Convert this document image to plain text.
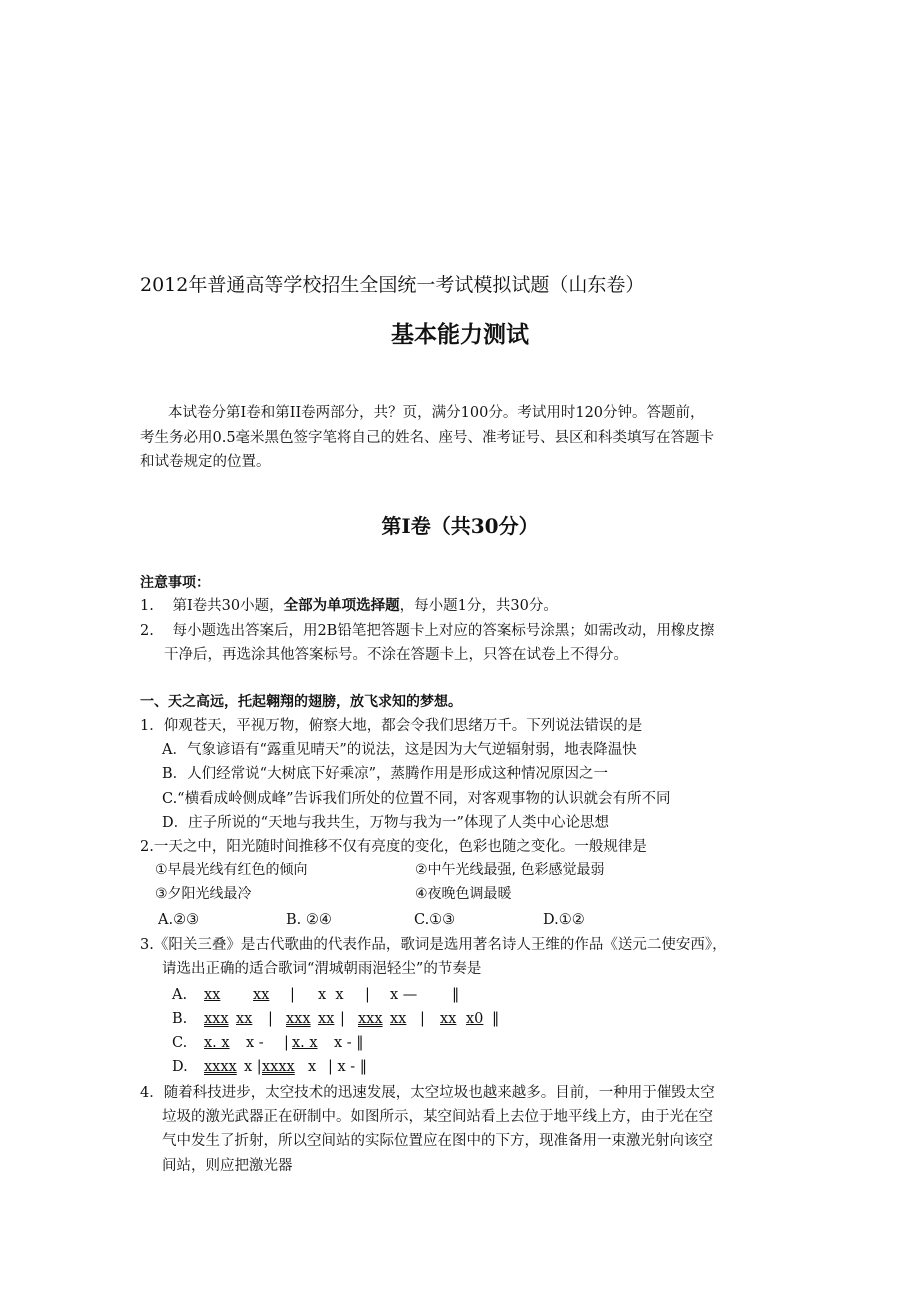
2012年普通高等学校招生全国统一考试模拟试题（山东卷）
基本能力测试
本试卷分第Ⅰ卷和第II卷两部分，共？页，满分100分。考试用时120分钟。答题前，
考生务必用0.5毫米黑色签字笔将自己的姓名、座号、准考证号、县区和科类填写在答题卡
和试卷规定的位置。
第Ⅰ卷（共30分）
注意事项：
1. 第Ⅰ卷共30小题，全部为单项选择题，每小题1分，共30分。
2. 每小题选出答案后，用2B铅笔把答题卡上对应的答案标号涂黑；如需改动，用橡皮擦
干净后，再选涂其他答案标号。不涂在答题卡上，只答在试卷上不得分。
一、天之高远，托起翱翔的翅膀，放飞求知的梦想。
1．仰观苍天，平视万物，俯察大地，都会令我们思绪万千。下列说法错误的是
A．气象谚语有“露重见晴天”的说法，这是因为大气逆辐射弱，地表降温快
B．人们经常说“大树底下好乘凉”，蒸腾作用是形成这种情况原因之一
C.“横看成岭侧成峰”告诉我们所处的位置不同，对客观事物的认识就会有所不同
D．庄子所说的“天地与我共生，万物与我为一”体现了人类中心论思想
2.一天之中，阳光随时间推移不仅有亮度的变化，色彩也随之变化。一般规律是
①早晨光线有红色的倾向	②中午光线最强, 色彩感觉最弱
③夕阳光线最冷	④夜晚色调最暖
A.②③	B. ②④	C.①③	D.①②
3.《阳关三叠》是古代歌曲的代表作品，歌词是选用著名诗人王维的作品《送元二使安西》，
请选出正确的适合歌词“渭城朝雨浥轻尘”的节奏是
A. xx xx | x  x | x — ‖
B. xxx xx | xxx xx | xxx xx | xx x0 ‖
C. x. x x - | x. x x - ‖
D. xxxx x | xxxx x | x - ‖
4．随着科技进步，太空技术的迅速发展，太空垃圾也越来越多。目前，一种用于催毁太空
垃圾的激光武器正在研制中。如图所示，某空间站看上去位于地平线上方，由于光在空
气中发生了折射，所以空间站的实际位置应在图中的下方，现准备用一束激光射向该空
间站，则应把激光器
